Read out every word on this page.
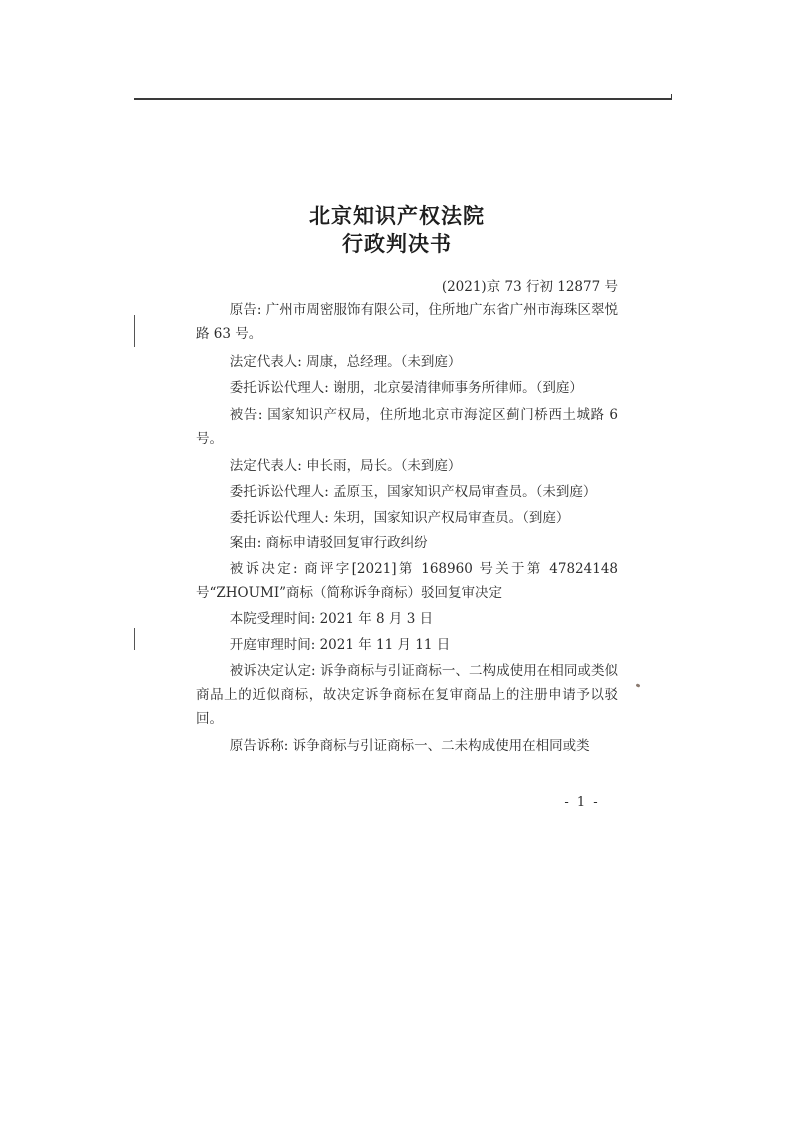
北京知识产权法院
行政判决书
(2021)京 73 行初 12877 号

原告: 广州市周密服饰有限公司，住所地广东省广州市海珠区翠悦路 63 号。

法定代表人: 周康，总经理。（未到庭）

委托诉讼代理人: 谢朋，北京晏清律师事务所律师。（到庭）

被告: 国家知识产权局，住所地北京市海淀区蓟门桥西土城路 6 号。

法定代表人: 申长雨，局长。（未到庭）

委托诉讼代理人: 孟原玉，国家知识产权局审查员。（未到庭）

委托诉讼代理人: 朱玥，国家知识产权局审查员。（到庭）

案由: 商标申请驳回复审行政纠纷

被诉决定: 商评字[2021]第 168960 号关于第 47824148 号“ZHOUMI”商标（简称诉争商标）驳回复审决定

本院受理时间: 2021 年 8 月 3 日

开庭审理时间: 2021 年 11 月 11 日

被诉决定认定: 诉争商标与引证商标一、二构成使用在相同或类似商品上的近似商标，故决定诉争商标在复审商品上的注册申请予以驳回。

原告诉称: 诉争商标与引证商标一、二未构成使用在相同或类

- 1 -
